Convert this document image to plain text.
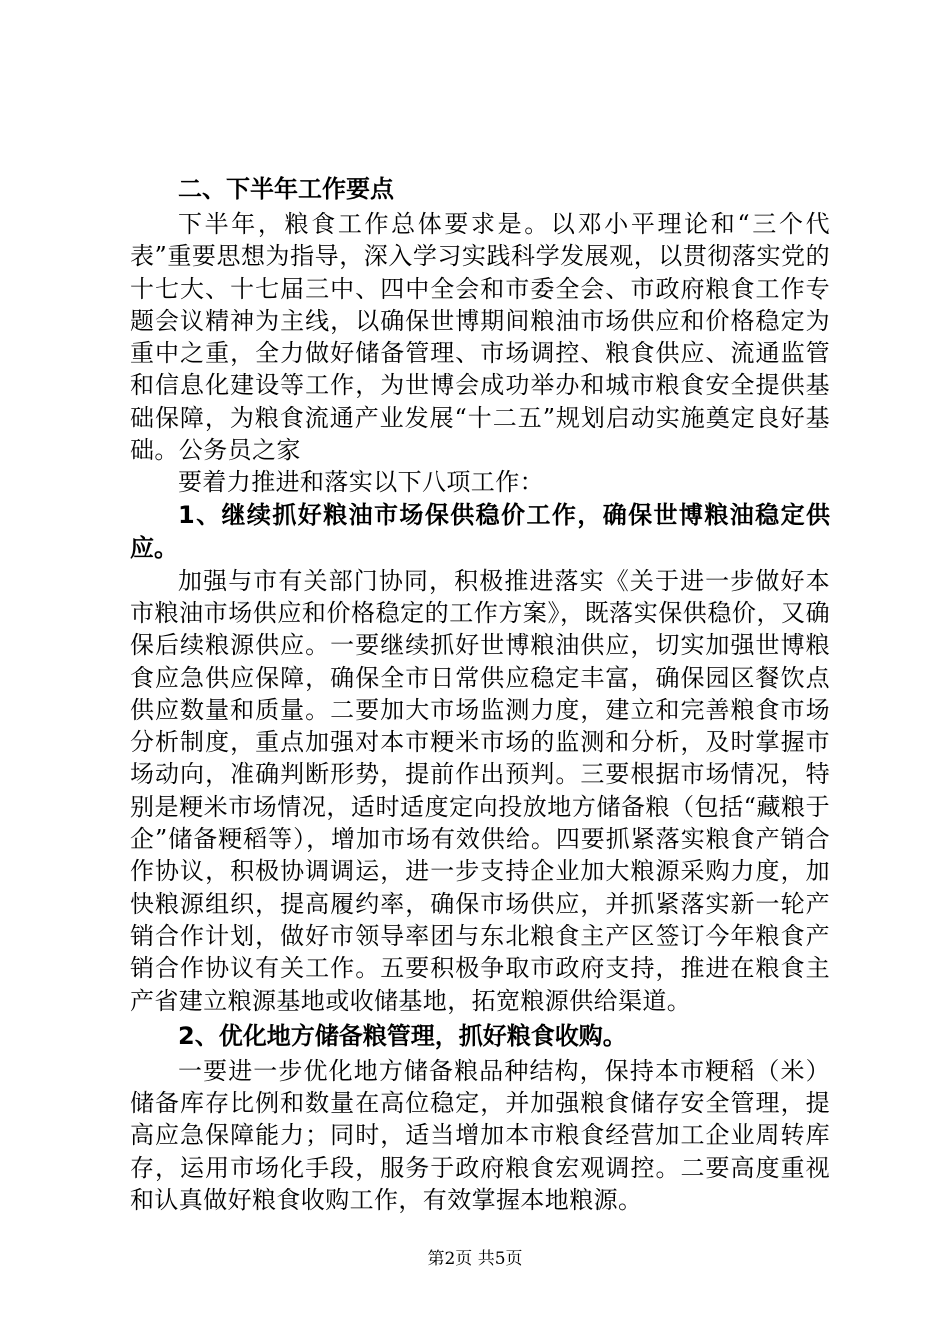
二、下半年工作要点

下半年，粮食工作总体要求是。以邓小平理论和“三个代表”重要思想为指导，深入学习实践科学发展观，以贯彻落实党的十七大、十七届三中、四中全会和市委全会、市政府粮食工作专题会议精神为主线，以确保世博期间粮油市场供应和价格稳定为重中之重，全力做好储备管理、市场调控、粮食供应、流通监管和信息化建设等工作，为世博会成功举办和城市粮食安全提供基础保障，为粮食流通产业发展“十二五”规划启动实施奠定良好基础。公务员之家

要着力推进和落实以下八项工作：

1、继续抓好粮油市场保供稳价工作，确保世博粮油稳定供应。

加强与市有关部门协同，积极推进落实《关于进一步做好本市粮油市场供应和价格稳定的工作方案》，既落实保供稳价，又确保后续粮源供应。一要继续抓好世博粮油供应，切实加强世博粮食应急供应保障，确保全市日常供应稳定丰富，确保园区餐饮点供应数量和质量。二要加大市场监测力度，建立和完善粮食市场分析制度，重点加强对本市粳米市场的监测和分析，及时掌握市场动向，准确判断形势，提前作出预判。三要根据市场情况，特别是粳米市场情况，适时适度定向投放地方储备粮（包括“藏粮于企”储备粳稻等），增加市场有效供给。四要抓紧落实粮食产销合作协议，积极协调调运，进一步支持企业加大粮源采购力度，加快粮源组织，提高履约率，确保市场供应，并抓紧落实新一轮产销合作计划，做好市领导率团与东北粮食主产区签订今年粮食产销合作协议有关工作。五要积极争取市政府支持，推进在粮食主产省建立粮源基地或收储基地，拓宽粮源供给渠道。

2、优化地方储备粮管理，抓好粮食收购。

一要进一步优化地方储备粮品种结构，保持本市粳稻（米）储备库存比例和数量在高位稳定，并加强粮食储存安全管理，提高应急保障能力；同时，适当增加本市粮食经营加工企业周转库存，运用市场化手段，服务于政府粮食宏观调控。二要高度重视和认真做好粮食收购工作，有效掌握本地粮源。

第2页 共5页
